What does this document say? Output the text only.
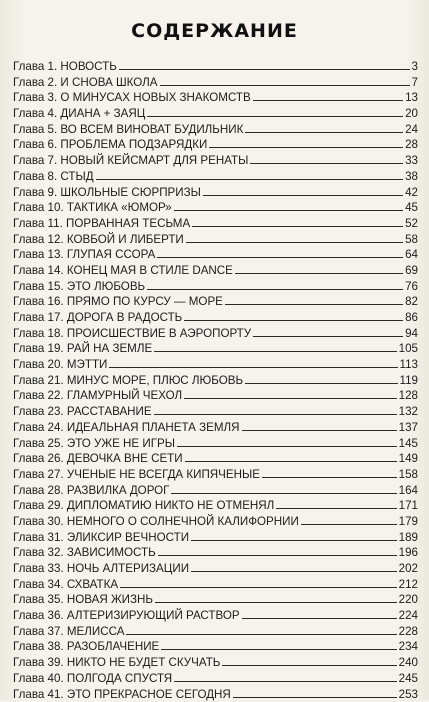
СОДЕРЖАНИЕ
Глава 1. НОВОСТЬ	3
Глава 2. И СНОВА ШКОЛА	7
Глава 3. О МИНУСАХ НОВЫХ ЗНАКОМСТВ	13
Глава 4. ДИАНА + ЗАЯЦ	20
Глава 5. ВО ВСЕМ ВИНОВАТ БУДИЛЬНИК	24
Глава 6. ПРОБЛЕМА ПОДЗАРЯДКИ	28
Глава 7. НОВЫЙ КЕЙСМАРТ ДЛЯ РЕНАТЫ	33
Глава 8. СТЫД	38
Глава 9. ШКОЛЬНЫЕ СЮРПРИЗЫ	42
Глава 10. ТАКТИКА «ЮМОР»	45
Глава 11. ПОРВАННАЯ ТЕСЬМА	52
Глава 12. КОВБОЙ И ЛИБЕРТИ	58
Глава 13. ГЛУПАЯ ССОРА	64
Глава 14. КОНЕЦ МАЯ В СТИЛЕ DANCE	69
Глава 15. ЭТО ЛЮБОВЬ	76
Глава 16. ПРЯМО ПО КУРСУ — МОРЕ	82
Глава 17. ДОРОГА В РАДОСТЬ	86
Глава 18. ПРОИСШЕСТВИЕ В АЭРОПОРТУ	94
Глава 19. РАЙ НА ЗЕМЛЕ	105
Глава 20. МЭТТИ	113
Глава 21. МИНУС МОРЕ, ПЛЮС ЛЮБОВЬ	119
Глава 22. ГЛАМУРНЫЙ ЧЕХОЛ	128
Глава 23. РАССТАВАНИЕ	132
Глава 24. ИДЕАЛЬНАЯ ПЛАНЕТА ЗЕМЛЯ	137
Глава 25. ЭТО УЖЕ НЕ ИГРЫ	145
Глава 26. ДЕВОЧКА ВНЕ СЕТИ	149
Глава 27. УЧЕНЫЕ НЕ ВСЕГДА КИПЯЧЕНЫЕ	158
Глава 28. РАЗВИЛКА ДОРОГ	164
Глава 29. ДИПЛОМАТИЮ НИКТО НЕ ОТМЕНЯЛ	171
Глава 30. НЕМНОГО О СОЛНЕЧНОЙ КАЛИФОРНИИ	179
Глава 31. ЭЛИКСИР ВЕЧНОСТИ	189
Глава 32. ЗАВИСИМОСТЬ	196
Глава 33. НОЧЬ АЛТЕРИЗАЦИИ	202
Глава 34. СХВАТКА	212
Глава 35. НОВАЯ ЖИЗНЬ	220
Глава 36. АЛТЕРИЗИРУЮЩИЙ РАСТВОР	224
Глава 37. МЕЛИССА	228
Глава 38. РАЗОБЛАЧЕНИЕ	234
Глава 39. НИКТО НЕ БУДЕТ СКУЧАТЬ	240
Глава 40. ПОЛГОДА СПУСТЯ	245
Глава 41. ЭТО ПРЕКРАСНОЕ СЕГОДНЯ	253
